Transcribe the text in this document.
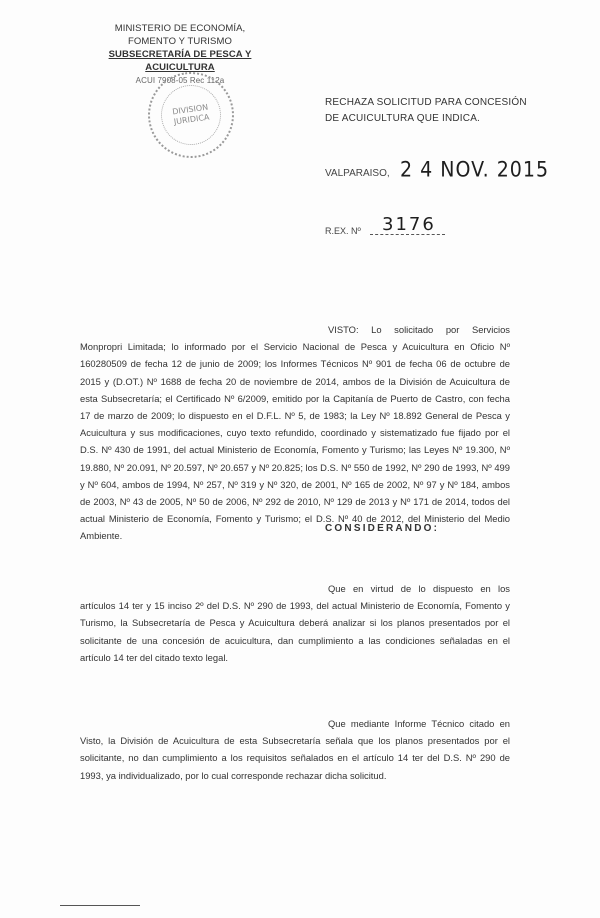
MINISTERIO DE ECONOMÍA,
FOMENTO Y TURISMO
SUBSECRETARÍA DE PESCA Y ACUICULTURA
ACUI 7908-05 Rec 112a
DIVISION
JURIDICA
RECHAZA SOLICITUD PARA CONCESIÓN DE ACUICULTURA QUE INDICA.
VALPARAISO, 2 4 NOV. 2015
R.EX. Nº 3176
VISTO: Lo solicitado por Servicios Monpropri Limitada; lo informado por el Servicio Nacional de Pesca y Acuicultura en Oficio Nº 160280509 de fecha 12 de junio de 2009; los Informes Técnicos Nº 901 de fecha 06 de octubre de 2015 y (D.OT.) Nº 1688 de fecha 20 de noviembre de 2014, ambos de la División de Acuicultura de esta Subsecretaría; el Certificado Nº 6/2009, emitido por la Capitanía de Puerto de Castro, con fecha 17 de marzo de 2009; lo dispuesto en el D.F.L. Nº 5, de 1983; la Ley Nº 18.892 General de Pesca y Acuicultura y sus modificaciones, cuyo texto refundido, coordinado y sistematizado fue fijado por el D.S. Nº 430 de 1991, del actual Ministerio de Economía, Fomento y Turismo; las Leyes Nº 19.300, Nº 19.880, Nº 20.091, Nº 20.597, Nº 20.657 y Nº 20.825; los D.S. Nº 550 de 1992, Nº 290 de 1993, Nº 499 y Nº 604, ambos de 1994, Nº 257, Nº 319 y Nº 320, de 2001, Nº 165 de 2002, Nº 97 y Nº 184, ambos de 2003, Nº 43 de 2005, Nº 50 de 2006, Nº 292 de 2010, Nº 129 de 2013 y Nº 171 de 2014, todos del actual Ministerio de Economía, Fomento y Turismo; el D.S. Nº 40 de 2012, del Ministerio del Medio Ambiente.
CONSIDERANDO:
Que en virtud de lo dispuesto en los artículos 14 ter y 15 inciso 2º del D.S. Nº 290 de 1993, del actual Ministerio de Economía, Fomento y Turismo, la Subsecretaría de Pesca y Acuicultura deberá analizar si los planos presentados por el solicitante de una concesión de acuicultura, dan cumplimiento a las condiciones señaladas en el artículo 14 ter del citado texto legal.
Que mediante Informe Técnico citado en Visto, la División de Acuicultura de esta Subsecretaría señala que los planos presentados por el solicitante, no dan cumplimiento a los requisitos señalados en el artículo 14 ter del D.S. Nº 290 de 1993, ya individualizado, por lo cual corresponde rechazar dicha solicitud.
